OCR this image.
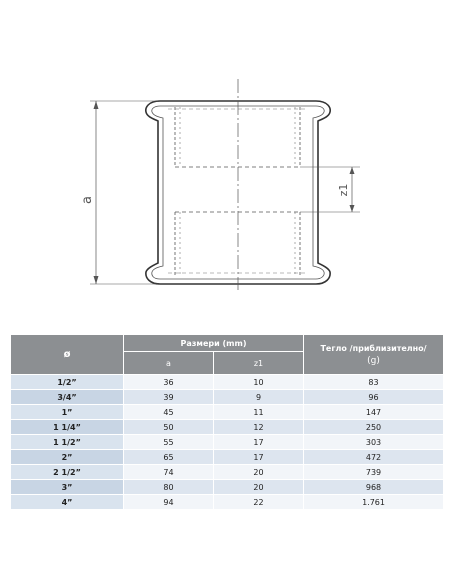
a
z1
ø	Размери (mm)		Тегло /приблизително/
(g)

	a	z1	
1/2”	36	10	83
3/4”	39	9	96
1”	45	11	147
1 1/4”	50	12	250
1 1/2”	55	17	303
2”	65	17	472
2 1/2”	74	20	739
3”	80	20	968
4”	94	22	1.761
